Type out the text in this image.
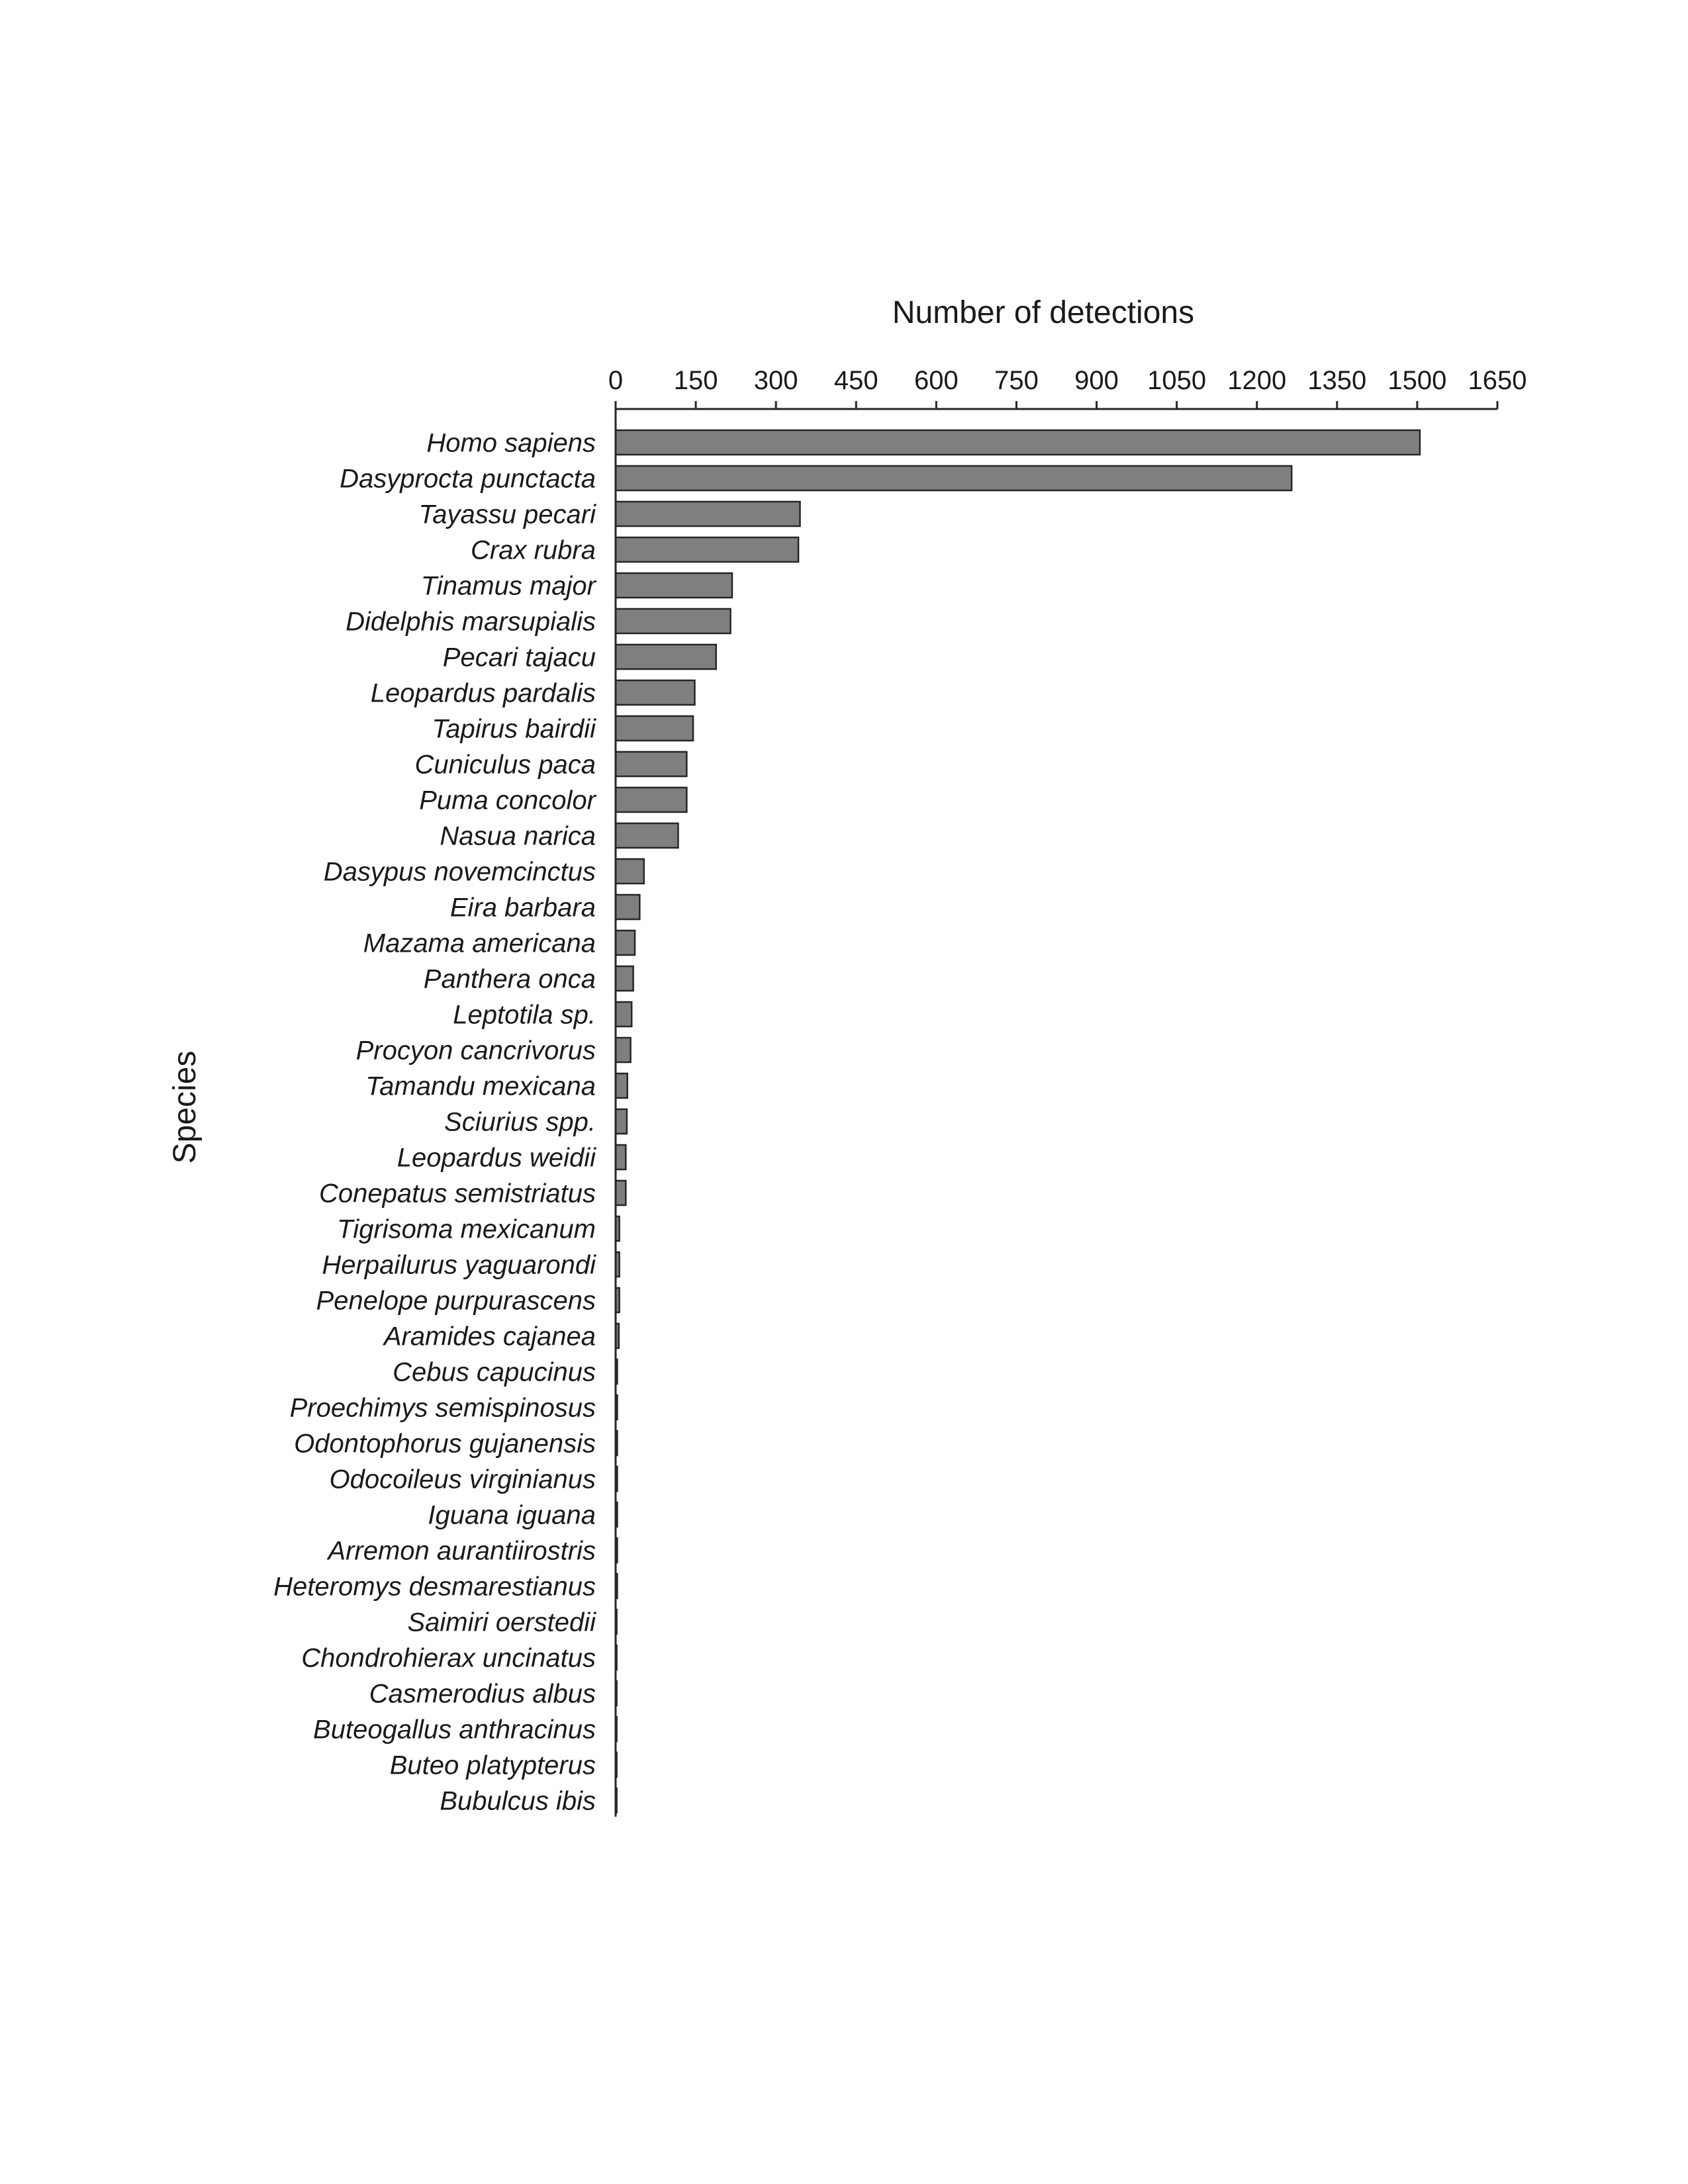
Number of detections
Species
0 150 300 450 600 750 900 1050 1200 1350 1500 1650
Homo sapiens
Dasyprocta punctacta
Tayassu pecari
Crax rubra
Tinamus major
Didelphis marsupialis
Pecari tajacu
Leopardus pardalis
Tapirus bairdii
Cuniculus paca
Puma concolor
Nasua narica
Dasypus novemcinctus
Eira barbara
Mazama americana
Panthera onca
Leptotila sp.
Procyon cancrivorus
Tamandu mexicana
Sciurius spp.
Leopardus weidii
Conepatus semistriatus
Tigrisoma mexicanum
Herpailurus yaguarondi
Penelope purpurascens
Aramides cajanea
Cebus capucinus
Proechimys semispinosus
Odontophorus gujanensis
Odocoileus virginianus
Iguana iguana
Arremon aurantiirostris
Heteromys desmarestianus
Saimiri oerstedii
Chondrohierax uncinatus
Casmerodius albus
Buteogallus anthracinus
Buteo platypterus
Bubulcus ibis
